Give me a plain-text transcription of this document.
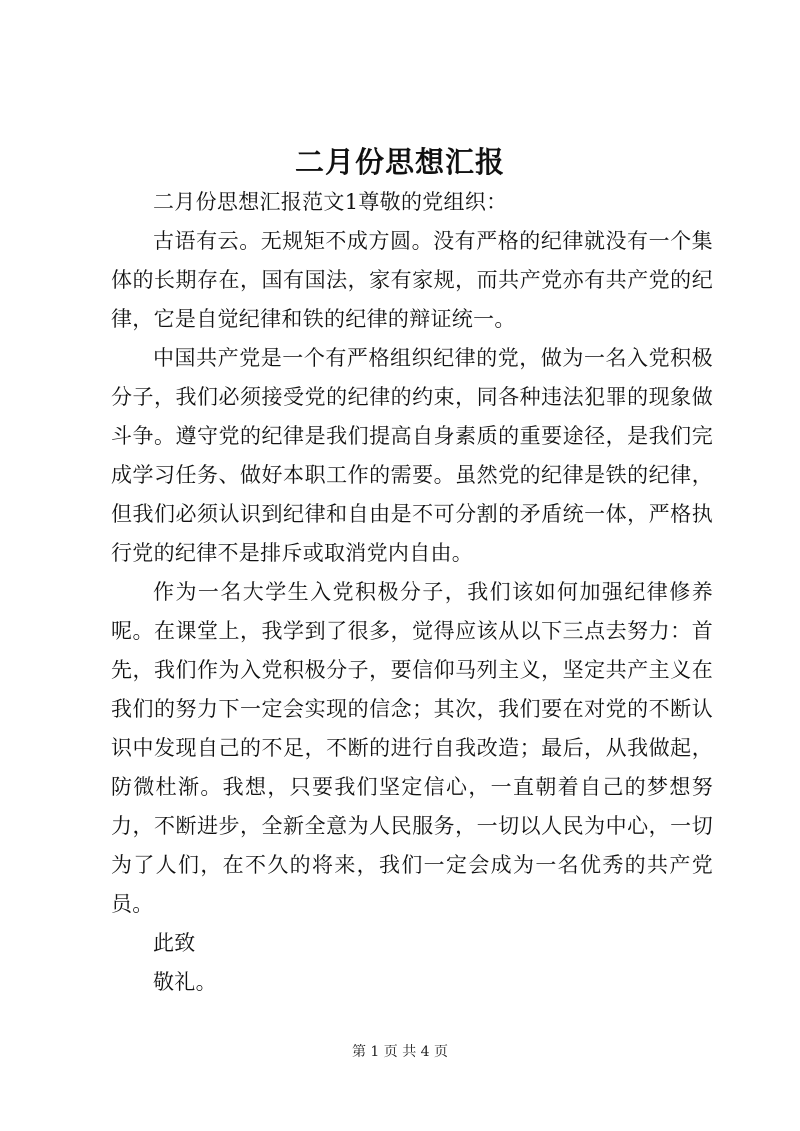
二月份思想汇报

二月份思想汇报范文1尊敬的党组织：

古语有云。无规矩不成方圆。没有严格的纪律就没有一个集体的长期存在，国有国法，家有家规，而共产党亦有共产党的纪律，它是自觉纪律和铁的纪律的辩证统一。

中国共产党是一个有严格组织纪律的党，做为一名入党积极分子，我们必须接受党的纪律的约束，同各种违法犯罪的现象做斗争。遵守党的纪律是我们提高自身素质的重要途径，是我们完成学习任务、做好本职工作的需要。虽然党的纪律是铁的纪律，但我们必须认识到纪律和自由是不可分割的矛盾统一体，严格执行党的纪律不是排斥或取消党内自由。

作为一名大学生入党积极分子，我们该如何加强纪律修养呢。在课堂上，我学到了很多，觉得应该从以下三点去努力：首先，我们作为入党积极分子，要信仰马列主义，坚定共产主义在我们的努力下一定会实现的信念；其次，我们要在对党的不断认识中发现自己的不足，不断的进行自我改造；最后，从我做起，防微杜渐。我想，只要我们坚定信心，一直朝着自己的梦想努力，不断进步，全新全意为人民服务，一切以人民为中心，一切为了人们，在不久的将来，我们一定会成为一名优秀的共产党员。

此致

敬礼。

第 1 页 共 4 页
